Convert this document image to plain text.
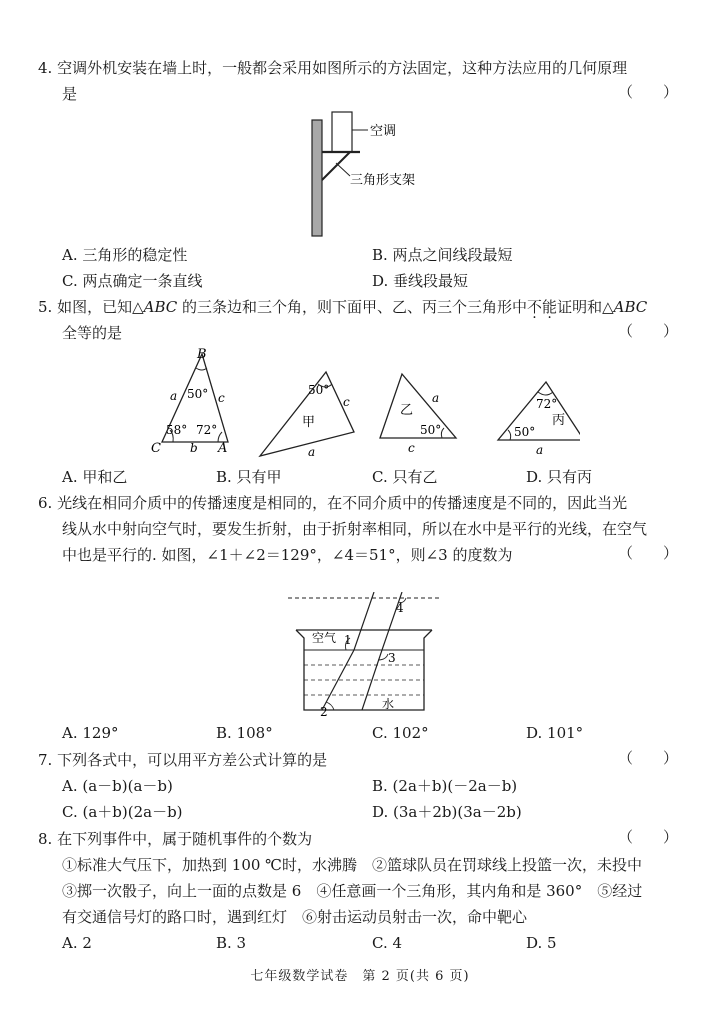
4. 空调外机安装在墙上时，一般都会采用如图所示的方法固定，这种方法应用的几何原理
是	（　　）
空调
三角形支架
A. 三角形的稳定性	B. 两点之间线段最短
C. 两点确定一条直线	D. 垂线段最短
5. 如图，已知△ABC 的三条边和三个角，则下面甲、乙、丙三个三角形中不能证明和△ABC
全等的是	（　　）
B
C	A
a
b
c
50°
58° 72°
50°
c
a
甲
乙
a
c
50°
72°
丙
50°
a
A. 甲和乙	B. 只有甲	C. 只有乙	D. 只有丙
6. 光线在相同介质中的传播速度是相同的，在不同介质中的传播速度是不同的，因此当光
线从水中射向空气时，要发生折射，由于折射率相同，所以在水中是平行的光线，在空气
中也是平行的. 如图，∠1＋∠2＝129°，∠4＝51°，则∠3 的度数为	（　　）
空气 1
2
3
4
水
A. 129°	B. 108°	C. 102°	D. 101°
7. 下列各式中，可以用平方差公式计算的是	（　　）
A. (a－b)(a－b)	B. (2a＋b)(－2a－b)
C. (a＋b)(2a－b)	D. (3a＋2b)(3a－2b)
8. 在下列事件中，属于随机事件的个数为	（　　）
①标准大气压下，加热到 100 ℃时，水沸腾　②篮球队员在罚球线上投篮一次，未投中
③掷一次骰子，向上一面的点数是 6　④任意画一个三角形，其内角和是 360°　⑤经过
有交通信号灯的路口时，遇到红灯　⑥射击运动员射击一次，命中靶心
A. 2	B. 3	C. 4	D. 5
七年级数学试卷　第 2 页(共 6 页)
